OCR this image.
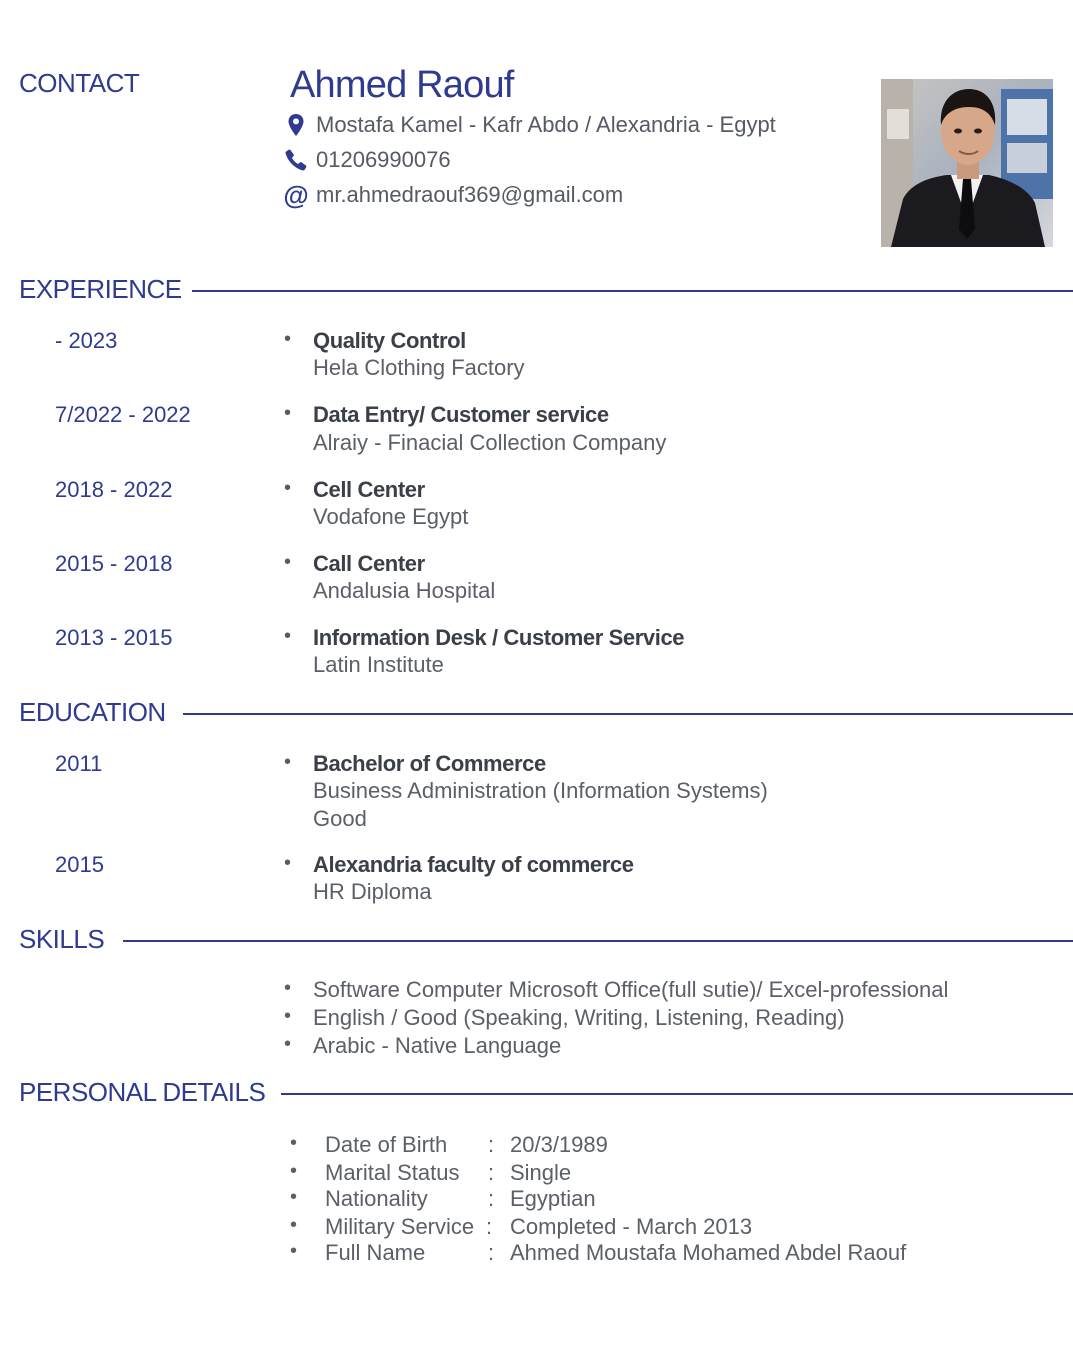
CONTACT	Ahmed Raouf
Mostafa Kamel - Kafr Abdo / Alexandria - Egypt
01206990076
@ mr.ahmedraouf369@gmail.com
EXPERIENCE
- 2023	• Quality Control
Hela Clothing Factory
7/2022 - 2022	• Data Entry/ Customer service
Alraiy - Finacial Collection Company
2018 - 2022	• Cell Center
Vodafone Egypt
2015 - 2018	• Call Center
Andalusia Hospital
2013 - 2015	• Information Desk / Customer Service
Latin Institute
EDUCATION
2011	• Bachelor of Commerce
Business Administration (Information Systems)
Good
2015	• Alexandria faculty of commerce
HR Diploma
SKILLS
• Software Computer Microsoft Office(full sutie)/ Excel-professional
• English / Good (Speaking, Writing, Listening, Reading)
• Arabic - Native Language
PERSONAL DETAILS
• Date of Birth : 20/3/1989
• Marital Status : Single
• Nationality	: Egyptian
• Military Service : Completed - March 2013
• Full Name	: Ahmed Moustafa Mohamed Abdel Raouf
